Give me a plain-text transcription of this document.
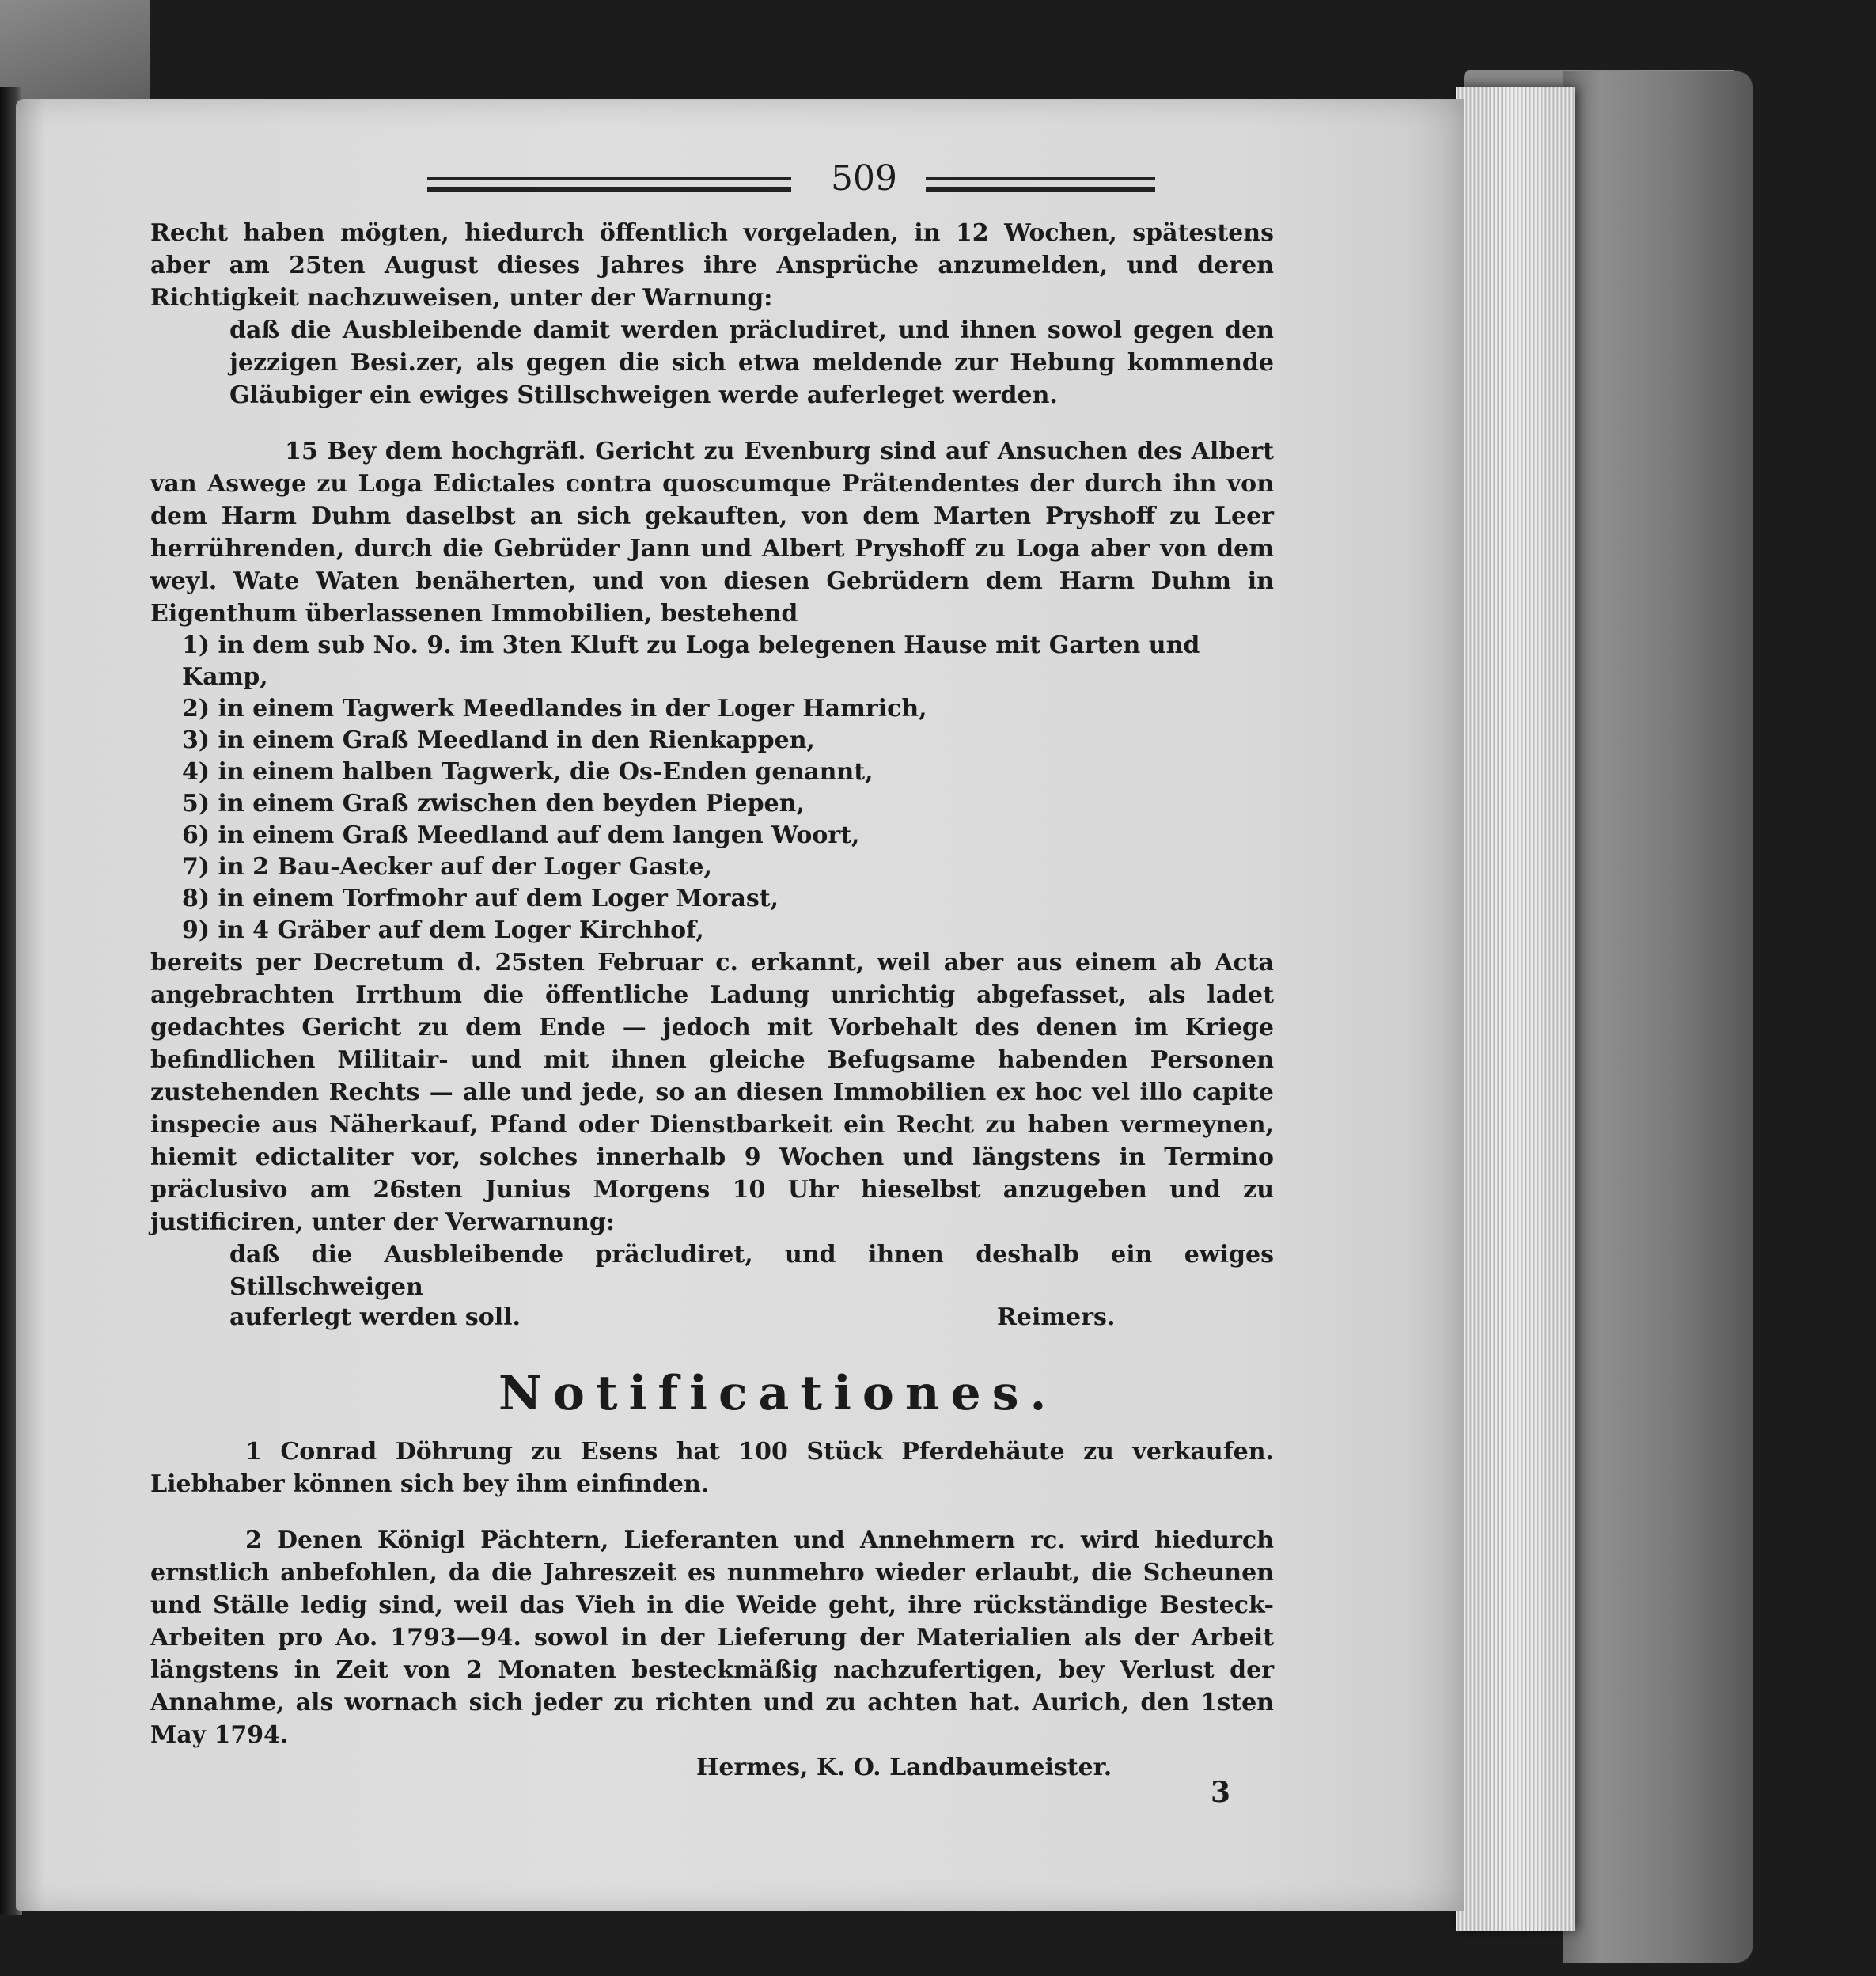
509

Recht haben mögten, hiedurch öffentlich vorgeladen, in 12 Wochen, spätestens aber am 25ten August dieses Jahres ihre Ansprüche anzumelden, und deren Richtigkeit nachzuweisen, unter der Warnung:

daß die Ausbleibende damit werden präcludiret, und ihnen sowol gegen den jezzigen Besi.zer, als gegen die sich etwa meldende zur Hebung kommende Gläubiger ein ewiges Stillschweigen werde auferleget werden.

15 Bey dem hochgräfl. Gericht zu Evenburg sind auf Ansuchen des Albert van Aswege zu Loga Edictales contra quoscumque Prätendentes der durch ihn von dem Harm Duhm daselbst an sich gekauften, von dem Marten Pryshoff zu Leer herrührenden, durch die Gebrüder Jann und Albert Pryshoff zu Loga aber von dem weyl. Wate Waten benäherten, und von diesen Gebrüdern dem Harm Duhm in Eigenthum überlassenen Immobilien, bestehend

1) in dem sub No. 9. im 3ten Kluft zu Loga belegenen Hause mit Garten und Kamp,
2) in einem Tagwerk Meedlandes in der Loger Hamrich,
3) in einem Graß Meedland in den Rienkappen,
4) in einem halben Tagwerk, die Os-Enden genannt,
5) in einem Graß zwischen den beyden Piepen,
6) in einem Graß Meedland auf dem langen Woort,
7) in 2 Bau-Aecker auf der Loger Gaste,
8) in einem Torfmohr auf dem Loger Morast,
9) in 4 Gräber auf dem Loger Kirchhof,

bereits per Decretum d. 25sten Februar c. erkannt, weil aber aus einem ab Acta angebrachten Irrthum die öffentliche Ladung unrichtig abgefasset, als ladet gedachtes Gericht zu dem Ende — jedoch mit Vorbehalt des denen im Kriege befindlichen Militair- und mit ihnen gleiche Befugsame habenden Personen zustehenden Rechts — alle und jede, so an diesen Immobilien ex hoc vel illo capite inspecie aus Näherkauf, Pfand oder Dienstbarkeit ein Recht zu haben vermeynen, hiemit edictaliter vor, solches innerhalb 9 Wochen und längstens in Termino präclusivo am 26sten Junius Morgens 10 Uhr hieselbst anzugeben und zu justificiren, unter der Verwarnung:

daß die Ausbleibende präcludiret, und ihnen deshalb ein ewiges Stillschweigen

auferlegt werden soll.	Reimers.
Notificationes.

1 Conrad Döhrung zu Esens hat 100 Stück Pferdehäute zu verkaufen. Liebhaber können sich bey ihm einfinden.

2 Denen Königl Pächtern, Lieferanten und Annehmern rc. wird hiedurch ernstlich anbefohlen, da die Jahreszeit es nunmehro wieder erlaubt, die Scheunen und Ställe ledig sind, weil das Vieh in die Weide geht, ihre rückständige Besteck-Arbeiten pro Ao. 1793—94. sowol in der Lieferung der Materialien als der Arbeit längstens in Zeit von 2 Monaten besteckmäßig nachzufertigen, bey Verlust der Annahme, als wornach sich jeder zu richten und zu achten hat. Aurich, den 1sten May 1794.

Hermes, K. O. Landbaumeister.
3
